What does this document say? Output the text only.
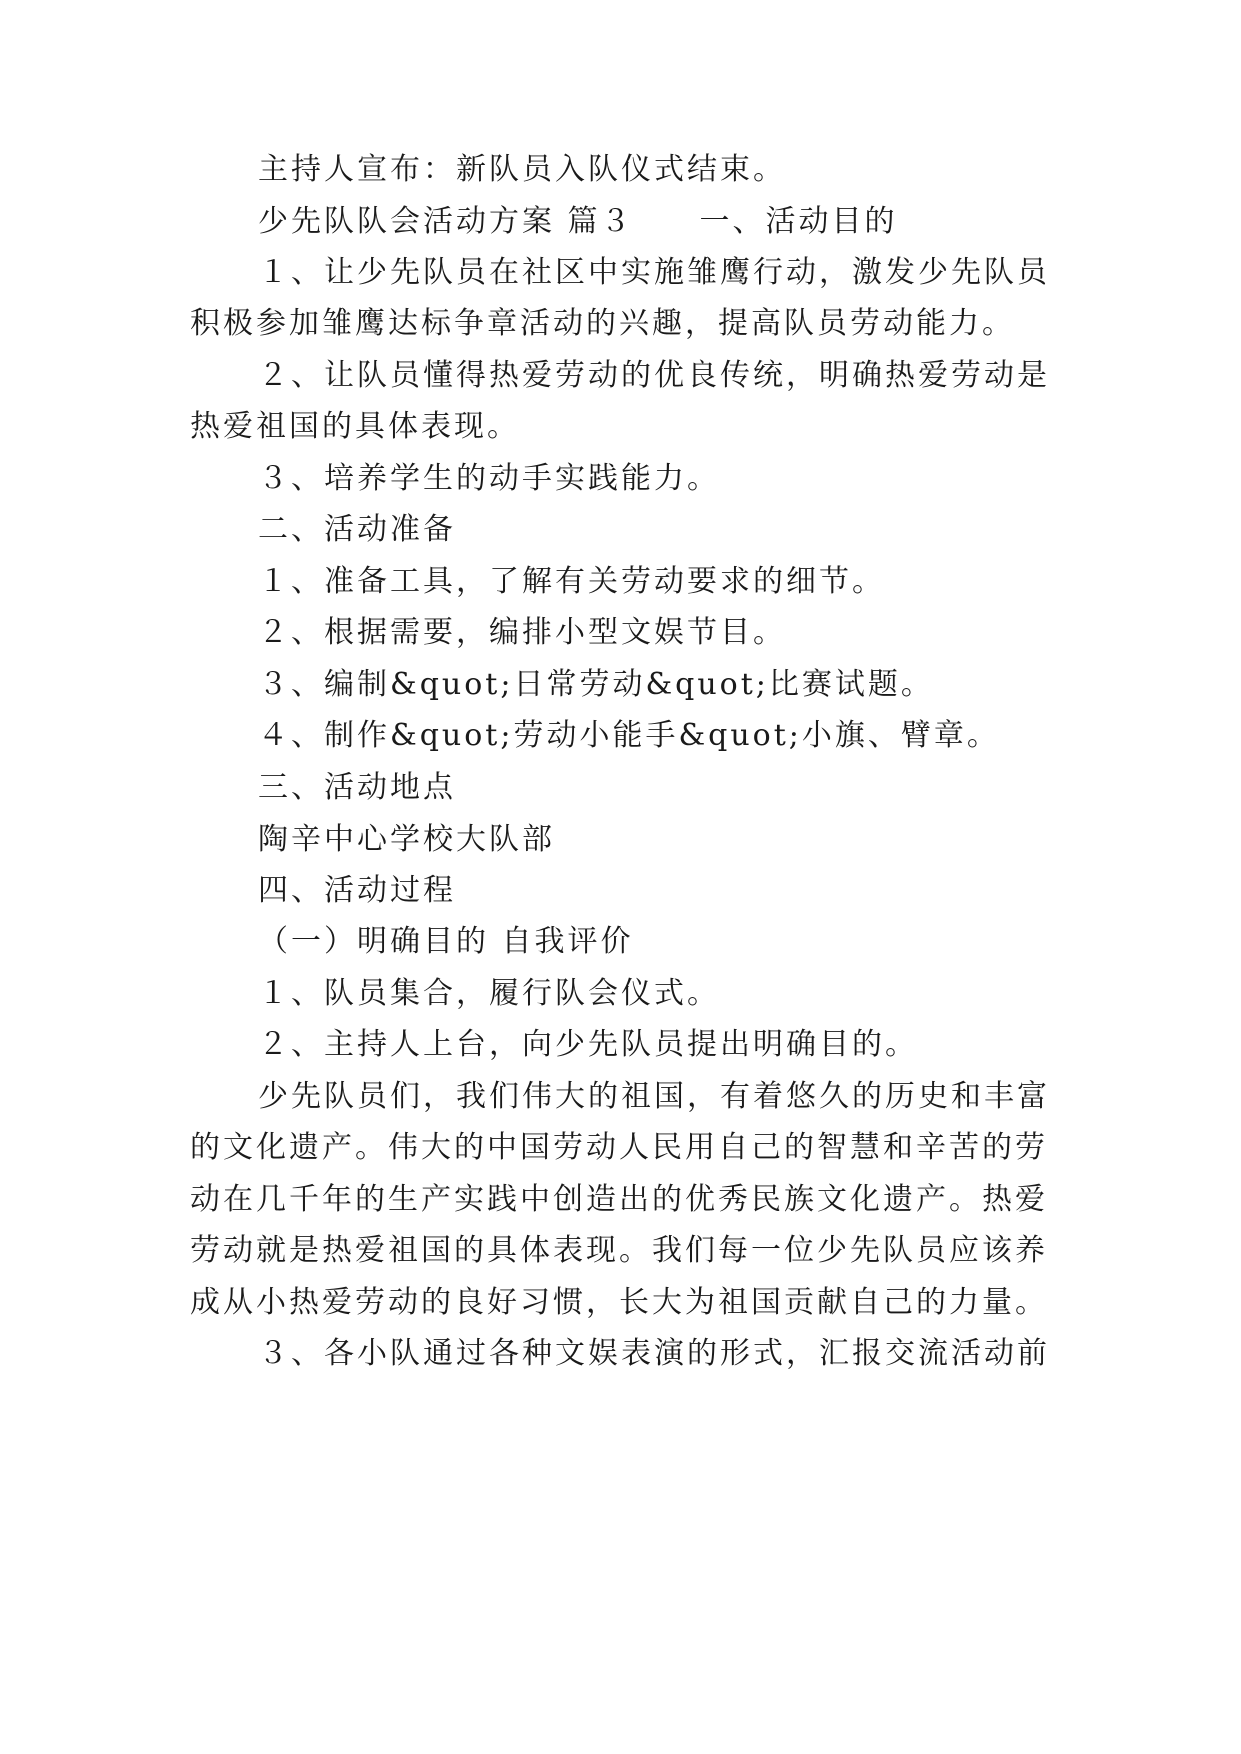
主持人宣布：新队员入队仪式结束。
少先队队会活动方案 篇３　　一、活动目的
１、让少先队员在社区中实施雏鹰行动，激发少先队员
积极参加雏鹰达标争章活动的兴趣，提高队员劳动能力。
２、让队员懂得热爱劳动的优良传统，明确热爱劳动是
热爱祖国的具体表现。
３、培养学生的动手实践能力。
二、活动准备
１、准备工具，了解有关劳动要求的细节。
２、根据需要，编排小型文娱节目。
３、编制&quot;日常劳动&quot;比赛试题。
４、制作&quot;劳动小能手&quot;小旗、臂章。
三、活动地点
陶辛中心学校大队部
四、活动过程
（一）明确目的 自我评价
１、队员集合，履行队会仪式。
２、主持人上台，向少先队员提出明确目的。
少先队员们，我们伟大的祖国，有着悠久的历史和丰富
的文化遗产。伟大的中国劳动人民用自己的智慧和辛苦的劳
动在几千年的生产实践中创造出的优秀民族文化遗产。热爱
劳动就是热爱祖国的具体表现。我们每一位少先队员应该养
成从小热爱劳动的良好习惯，长大为祖国贡献自己的力量。
３、各小队通过各种文娱表演的形式，汇报交流活动前
